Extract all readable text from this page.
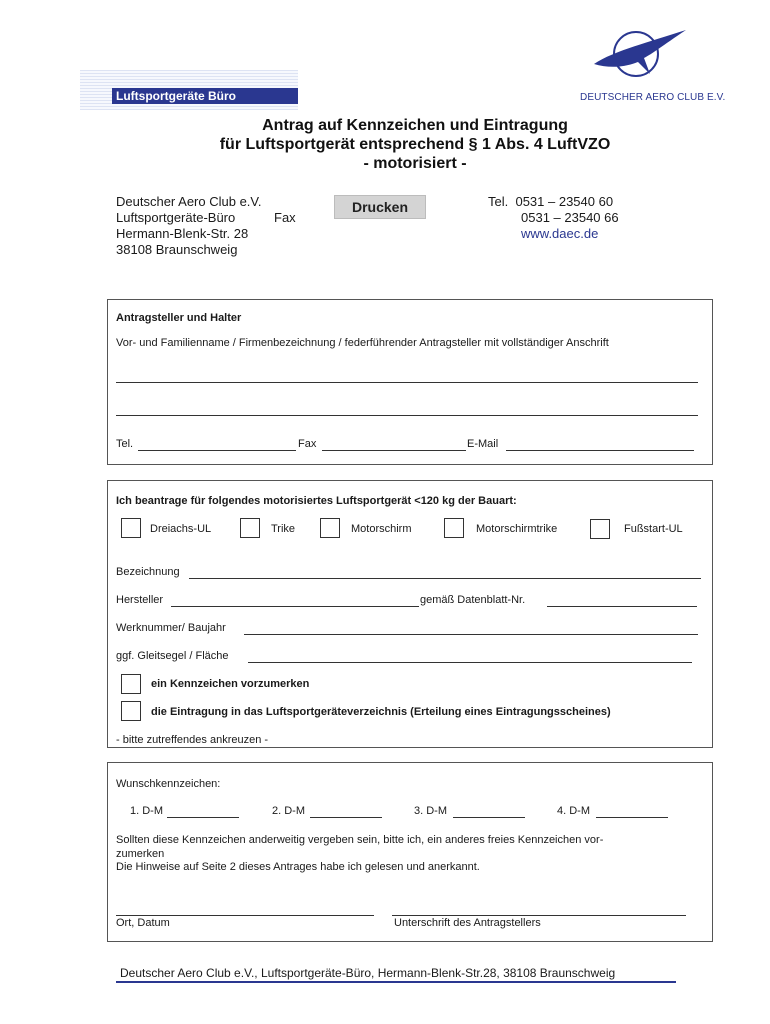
Luftsportgeräte Büro	DEUTSCHER AERO CLUB E.V.
Antrag auf Kennzeichen und Eintragung
für Luftsportgerät entsprechend § 1 Abs. 4 LuftVZO
- motorisiert -
Deutscher Aero Club e.V.
Luftsportgeräte-Büro
Hermann-Blenk-Str. 28
38108 Braunschweig
Fax
Drucken	Tel. 0531 – 23540 60
0531 – 23540 66
www.daec.de
Antragsteller und Halter
Vor- und Familienname / Firmenbezeichnung / federführender Antragsteller mit vollständiger Anschrift
Tel.	Fax	E-Mail
Ich beantrage für folgendes motorisiertes Luftsportgerät <120 kg der Bauart:
Dreiachs-UL	Trike	Motorschirm	Motorschirmtrike	Fußstart-UL
Bezeichnung
Hersteller	gemäß Datenblatt-Nr.
Werknummer/ Baujahr
ggf. Gleitsegel / Fläche
ein Kennzeichen vorzumerken
die Eintragung in das Luftsportgeräteverzeichnis (Erteilung eines Eintragungsscheines)
- bitte zutreffendes ankreuzen -
Wunschkennzeichen:
1. D-M	2. D-M	3. D-M	4. D-M
Sollten diese Kennzeichen anderweitig vergeben sein, bitte ich, ein anderes freies Kennzeichen vor-
zumerken
Die Hinweise auf Seite 2 dieses Antrages habe ich gelesen und anerkannt.
Ort, Datum	Unterschrift des Antragstellers
Deutscher Aero Club e.V., Luftsportgeräte-Büro, Hermann-Blenk-Str.28, 38108 Braunschweig
